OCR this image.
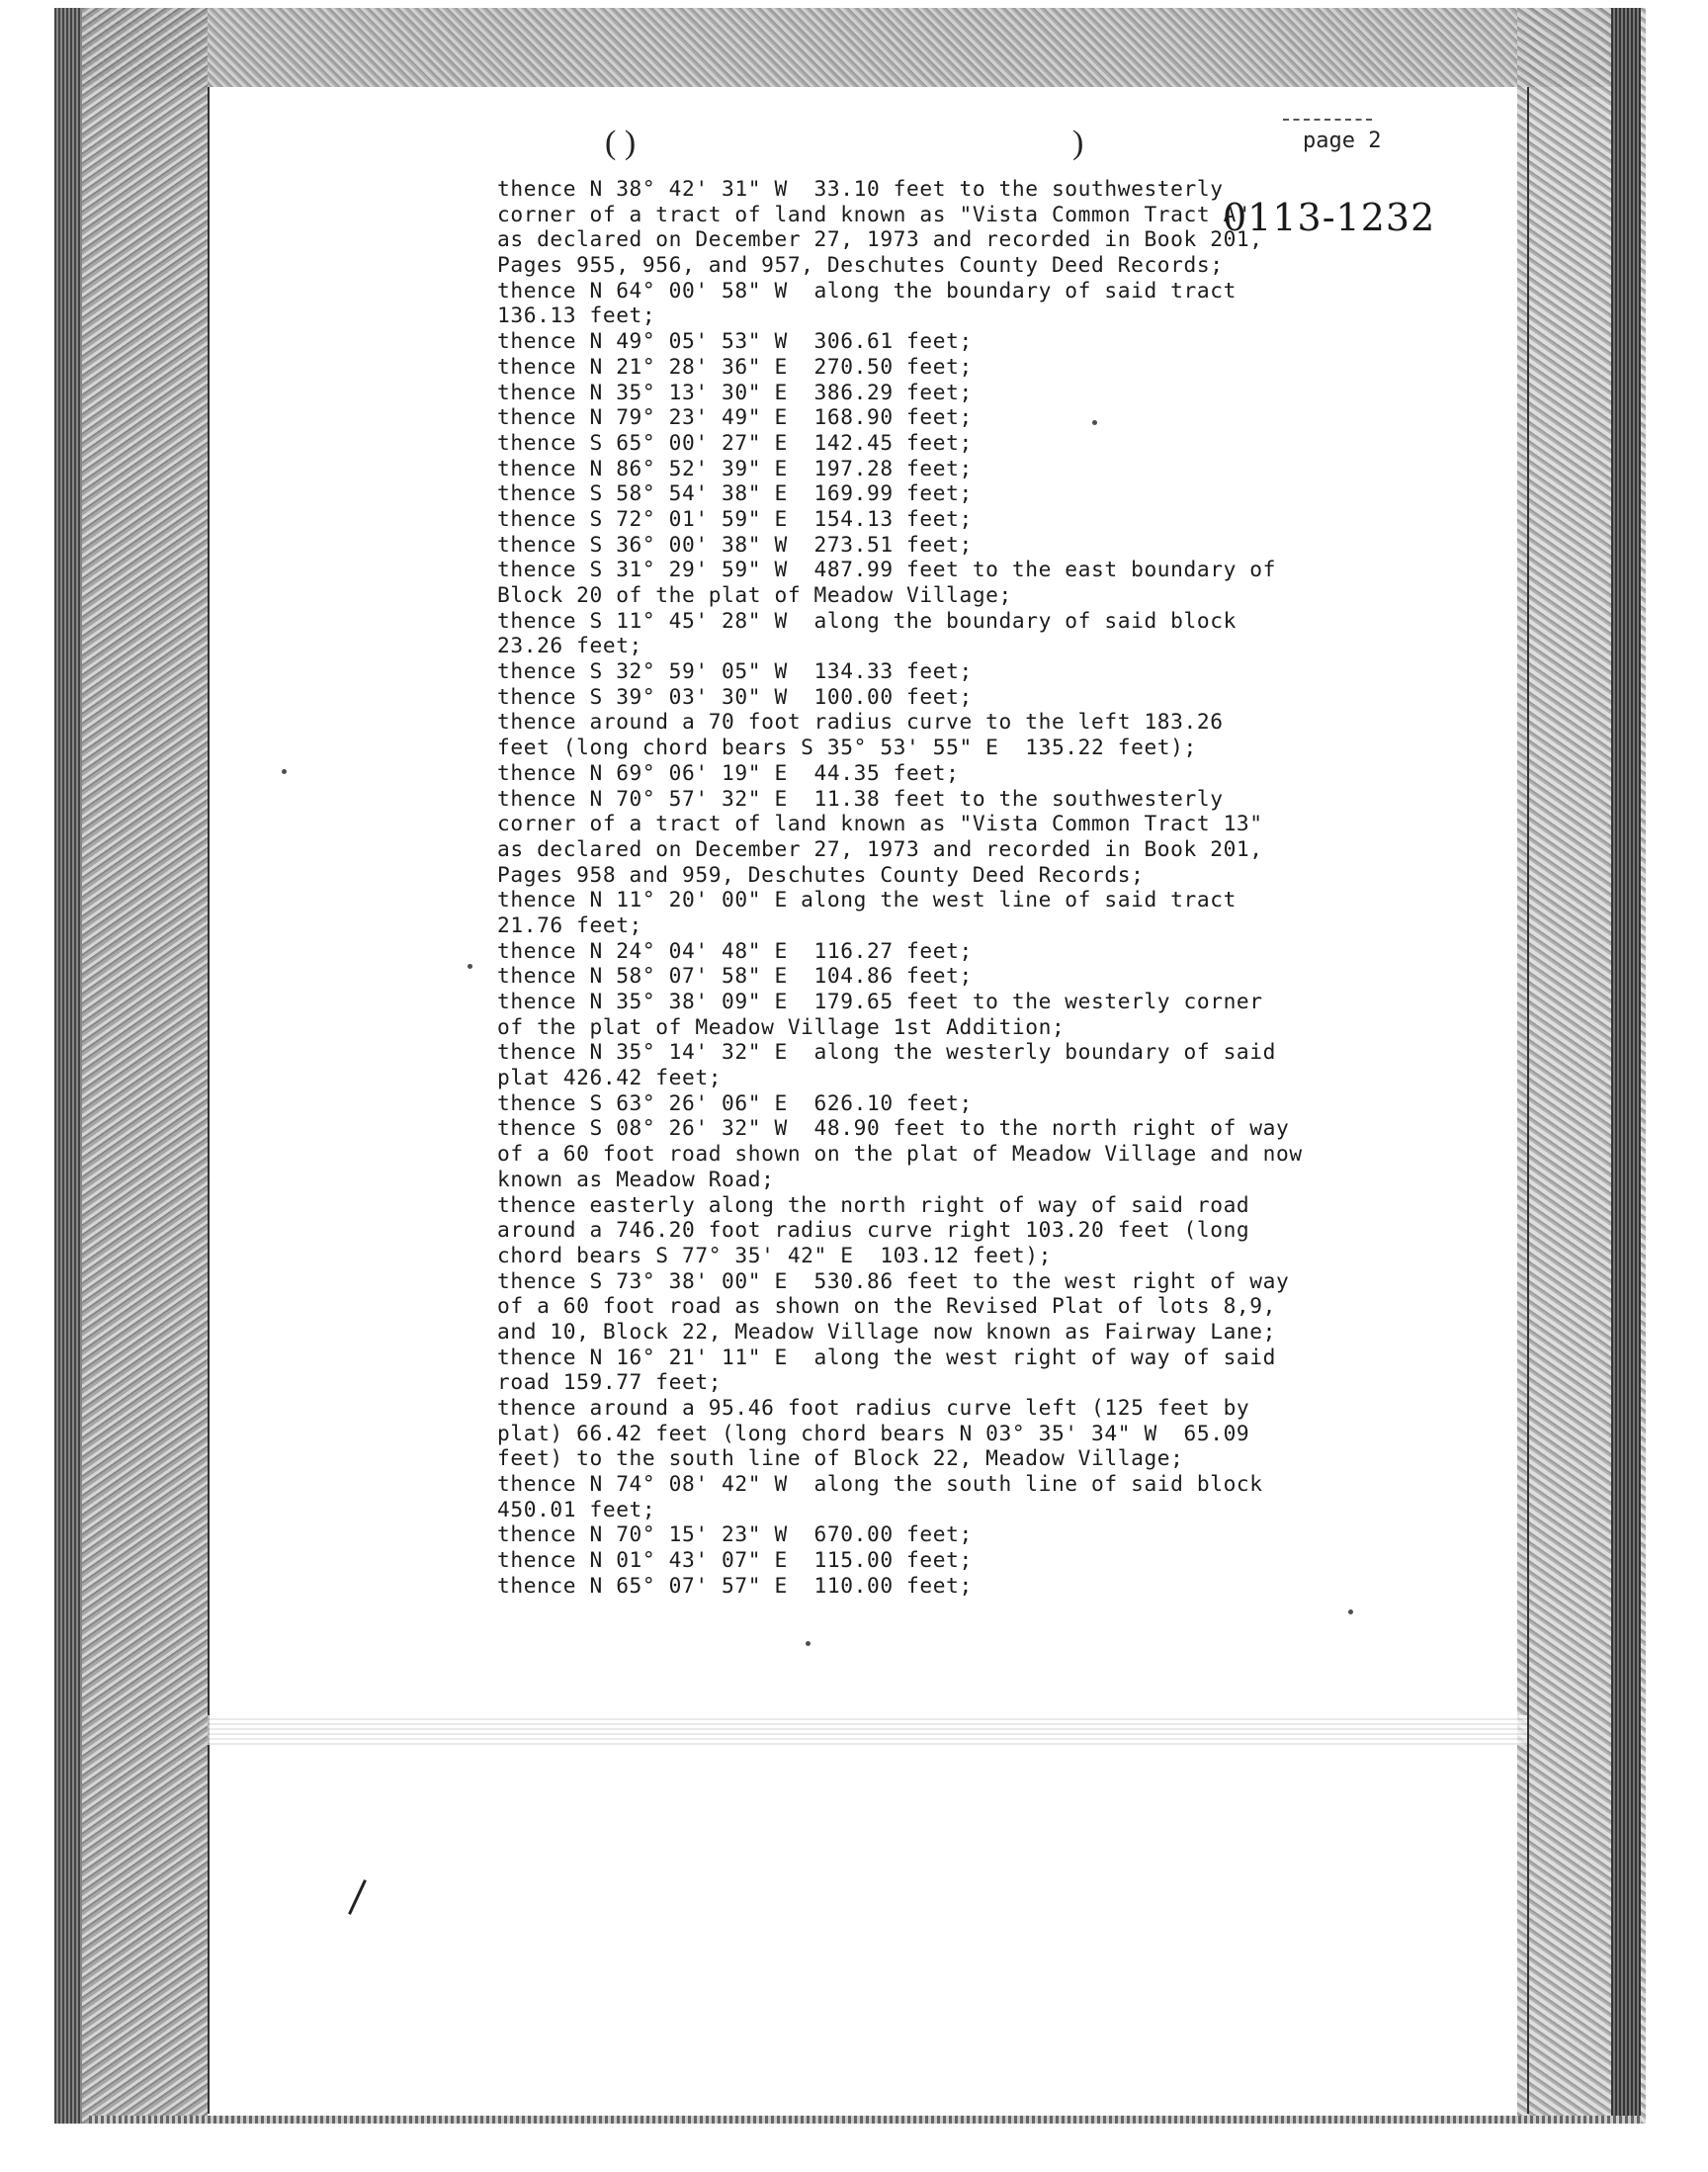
( )	)	page 2
0113-1232
thence N 38° 42' 31" W  33.10 feet to the southwesterly
corner of a tract of land known as "Vista Common Tract A"
as declared on December 27, 1973 and recorded in Book 201,
Pages 955, 956, and 957, Deschutes County Deed Records;
thence N 64° 00' 58" W  along the boundary of said tract
136.13 feet;
thence N 49° 05' 53" W  306.61 feet;
thence N 21° 28' 36" E  270.50 feet;
thence N 35° 13' 30" E  386.29 feet;
thence N 79° 23' 49" E  168.90 feet;
thence S 65° 00' 27" E  142.45 feet;
thence N 86° 52' 39" E  197.28 feet;
thence S 58° 54' 38" E  169.99 feet;
thence S 72° 01' 59" E  154.13 feet;
thence S 36° 00' 38" W  273.51 feet;
thence S 31° 29' 59" W  487.99 feet to the east boundary of
Block 20 of the plat of Meadow Village;
thence S 11° 45' 28" W  along the boundary of said block
23.26 feet;
thence S 32° 59' 05" W  134.33 feet;
thence S 39° 03' 30" W  100.00 feet;
thence around a 70 foot radius curve to the left 183.26
feet (long chord bears S 35° 53' 55" E  135.22 feet);
thence N 69° 06' 19" E  44.35 feet;
thence N 70° 57' 32" E  11.38 feet to the southwesterly
corner of a tract of land known as "Vista Common Tract 13"
as declared on December 27, 1973 and recorded in Book 201,
Pages 958 and 959, Deschutes County Deed Records;
thence N 11° 20' 00" E along the west line of said tract
21.76 feet;
thence N 24° 04' 48" E  116.27 feet;
thence N 58° 07' 58" E  104.86 feet;
thence N 35° 38' 09" E  179.65 feet to the westerly corner
of the plat of Meadow Village 1st Addition;
thence N 35° 14' 32" E  along the westerly boundary of said
plat 426.42 feet;
thence S 63° 26' 06" E  626.10 feet;
thence S 08° 26' 32" W  48.90 feet to the north right of way
of a 60 foot road shown on the plat of Meadow Village and now
known as Meadow Road;
thence easterly along the north right of way of said road
around a 746.20 foot radius curve right 103.20 feet (long
chord bears S 77° 35' 42" E  103.12 feet);
thence S 73° 38' 00" E  530.86 feet to the west right of way
of a 60 foot road as shown on the Revised Plat of lots 8,9,
and 10, Block 22, Meadow Village now known as Fairway Lane;
thence N 16° 21' 11" E  along the west right of way of said
road 159.77 feet;
thence around a 95.46 foot radius curve left (125 feet by
plat) 66.42 feet (long chord bears N 03° 35' 34" W  65.09
feet) to the south line of Block 22, Meadow Village;
thence N 74° 08' 42" W  along the south line of said block
450.01 feet;
thence N 70° 15' 23" W  670.00 feet;
thence N 01° 43' 07" E  115.00 feet;
thence N 65° 07' 57" E  110.00 feet;
